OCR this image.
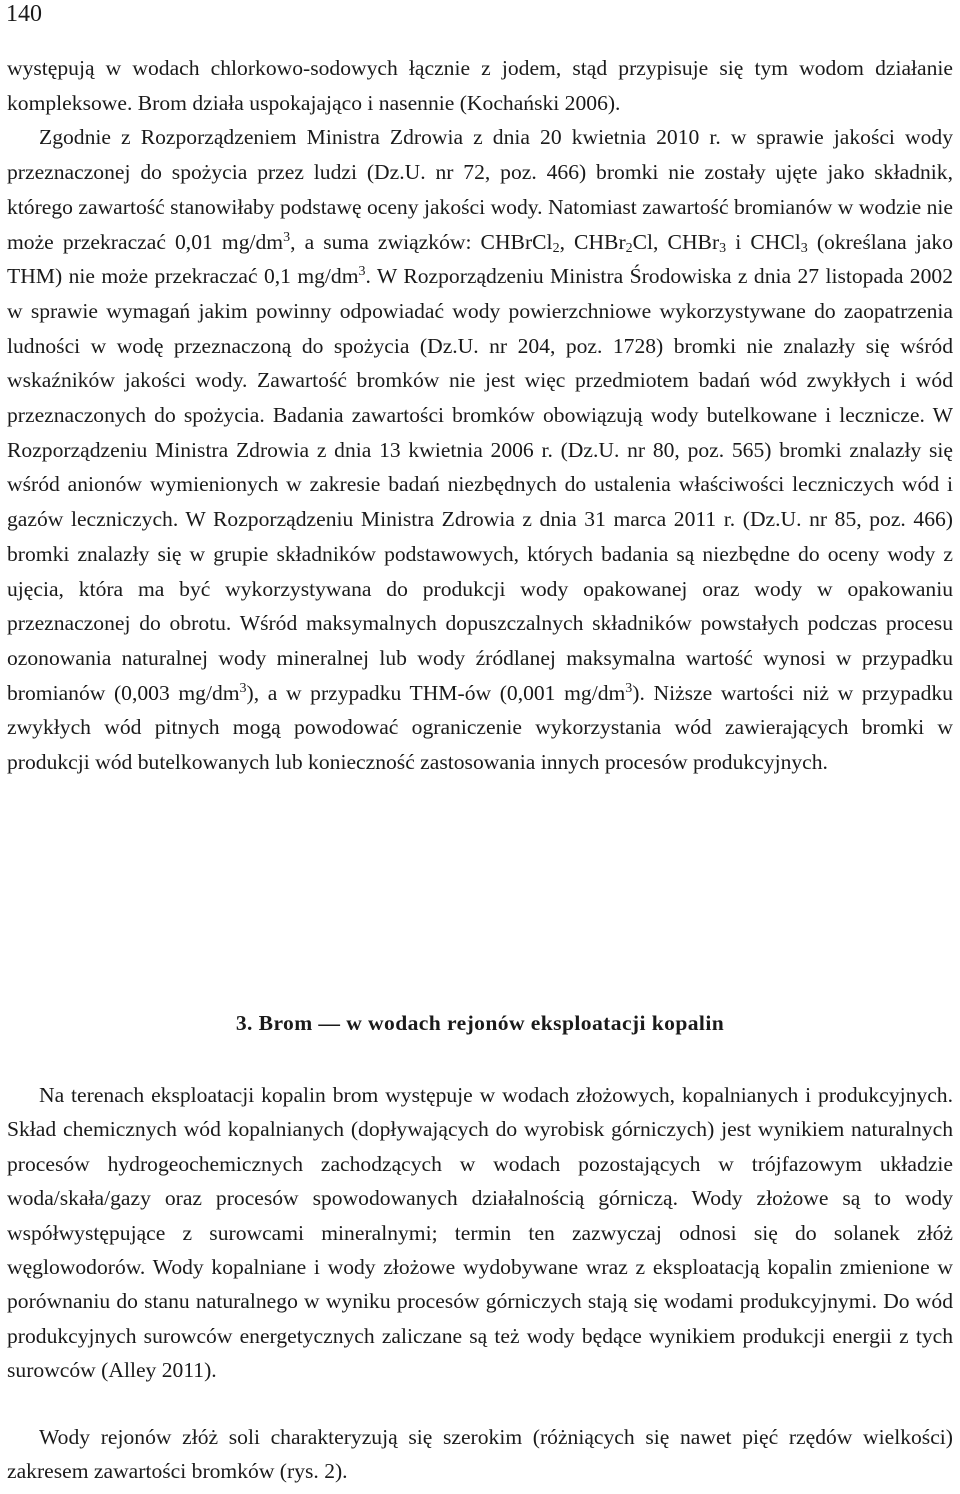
140

występują w wodach chlorkowo-sodowych łącznie z jodem, stąd przypisuje się tym wodom działanie kompleksowe. Brom działa uspokajająco i nasennie (Kochański 2006).
Zgodnie z Rozporządzeniem Ministra Zdrowia z dnia 20 kwietnia 2010 r. w sprawie jakości wody przeznaczonej do spożycia przez ludzi (Dz.U. nr 72, poz. 466) bromki nie zostały ujęte jako składnik, którego zawartość stanowiłaby podstawę oceny jakości wody. Natomiast zawartość bromianów w wodzie nie może przekraczać 0,01 $mg/dm^3$, a suma związków: CHBrCl$_2$, CHBr$_2$Cl, CHBr$_3$ i CHCl$_3$ (określana jako THM) nie może przekraczać 0,1 $mg/dm^3$. W Rozporządzeniu Ministra Środowiska z dnia 27 listopada 2002 w sprawie wymagań jakim powinny odpowiadać wody powierzchniowe wykorzystywane do zaopatrzenia ludności w wodę przeznaczoną do spożycia (Dz.U. nr 204, poz. 1728) bromki nie znalazły się wśród wskaźników jakości wody. Zawartość bromków nie jest więc przedmiotem badań wód zwykłych i wód przeznaczonych do spożycia. Badania zawartości bromków obowiązują wody butelkowane i lecznicze. W Rozporządzeniu Ministra Zdrowia z dnia 13 kwietnia 2006 r. (Dz.U. nr 80, poz. 565) bromki znalazły się wśród anionów wymienionych w zakresie badań niezbędnych do ustalenia właściwości leczniczych wód i gazów leczniczych. W Rozporządzeniu Ministra Zdrowia z dnia 31 marca 2011 r. (Dz.U. nr 85, poz. 466) bromki znalazły się w grupie składników podstawowych, których badania są niezbędne do oceny wody z ujęcia, która ma być wykorzystywana do produkcji wody opakowanej oraz wody w opakowaniu przeznaczonej do obrotu. Wśród maksymalnych dopuszczalnych składników powstałych podczas procesu ozonowania naturalnej wody mineralnej lub wody źródlanej maksymalna wartość wynosi w przypadku bromianów (0,003 $mg/dm^3$), a w przypadku THM-ów (0,001 $mg/dm^3$). Niższe wartości niż w przypadku zwykłych wód pitnych mogą powodować ograniczenie wykorzystania wód zawierających bromki w produkcji wód butelkowanych lub konieczność zastosowania innych procesów produkcyjnych.

3. Brom — w wodach rejonów eksploatacji kopalin

Na terenach eksploatacji kopalin brom występuje w wodach złożowych, kopalnianych i produkcyjnych. Skład chemicznych wód kopalnianych (dopływających do wyrobisk górniczych) jest wynikiem naturalnych procesów hydrogeochemicznych zachodzących w wodach pozostających w trójfazowym układzie woda/skała/gazy oraz procesów spowodowanych działalnością górniczą. Wody złożowe są to wody współwystępujące z surowcami mineralnymi; termin ten zazwyczaj odnosi się do solanek złóż węglowodorów. Wody kopalniane i wody złożowe wydobywane wraz z eksploatacją kopalin zmienione w porównaniu do stanu naturalnego w wyniku procesów górniczych stają się wodami produkcyjnymi. Do wód produkcyjnych surowców energetycznych zaliczane są też wody będące wynikiem produkcji energii z tych surowców (Alley 2011).

Wody rejonów złóż soli charakteryzują się szerokim (różniących się nawet pięć rzędów wielkości) zakresem zawartości bromków (rys. 2).
